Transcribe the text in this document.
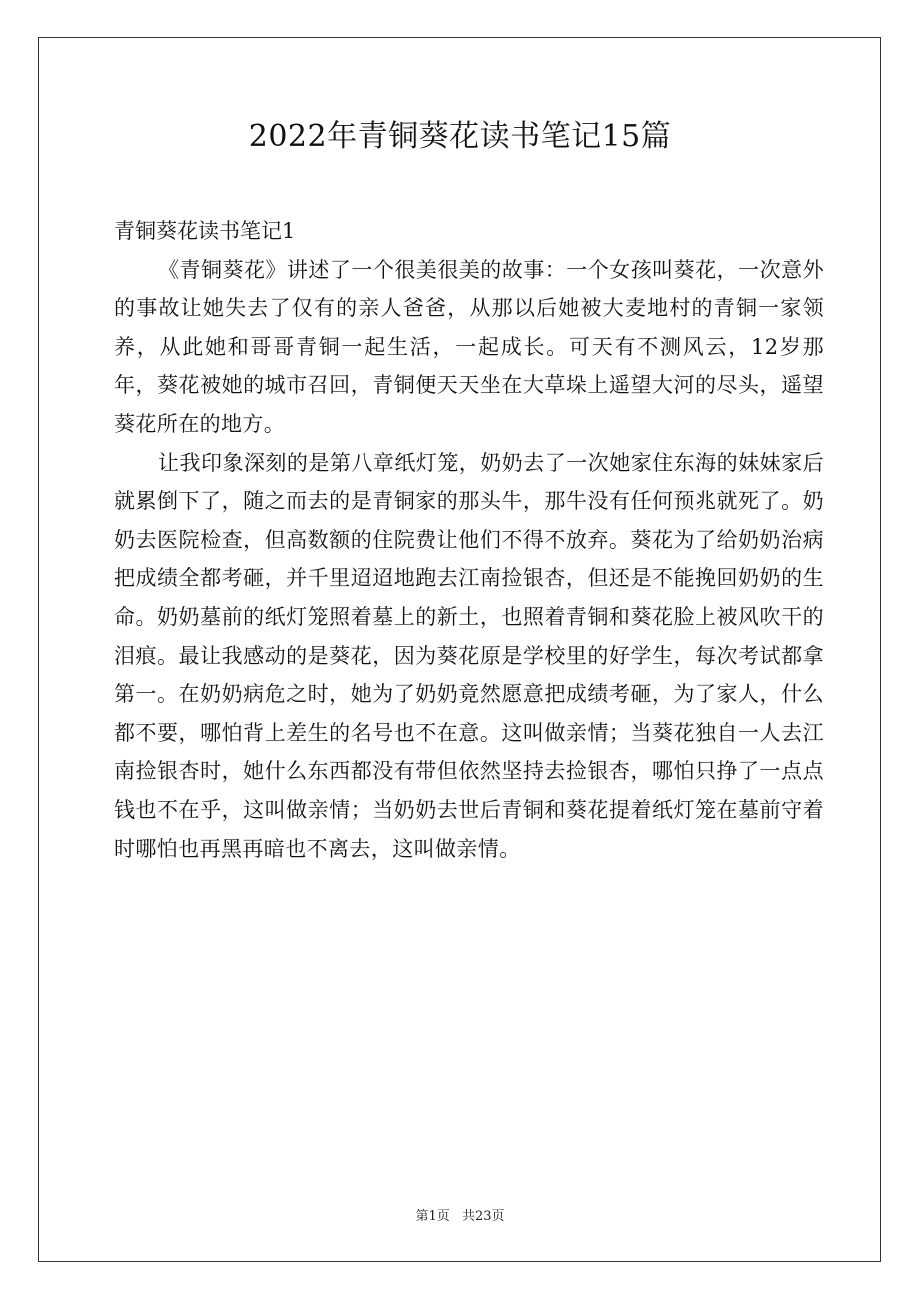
2022年青铜葵花读书笔记15篇
青铜葵花读书笔记1

《青铜葵花》讲述了一个很美很美的故事：一个女孩叫葵花，一次意外的事故让她失去了仅有的亲人爸爸，从那以后她被大麦地村的青铜一家领养，从此她和哥哥青铜一起生活，一起成长。可天有不测风云，12岁那年，葵花被她的城市召回，青铜便天天坐在大草垛上遥望大河的尽头，遥望葵花所在的地方。

让我印象深刻的是第八章纸灯笼，奶奶去了一次她家住东海的妹妹家后就累倒下了，随之而去的是青铜家的那头牛，那牛没有任何预兆就死了。奶奶去医院检查，但高数额的住院费让他们不得不放弃。葵花为了给奶奶治病把成绩全都考砸，并千里迢迢地跑去江南捡银杏，但还是不能挽回奶奶的生命。奶奶墓前的纸灯笼照着墓上的新土，也照着青铜和葵花脸上被风吹干的泪痕。最让我感动的是葵花，因为葵花原是学校里的好学生，每次考试都拿第一。在奶奶病危之时，她为了奶奶竟然愿意把成绩考砸，为了家人，什么都不要，哪怕背上差生的名号也不在意。这叫做亲情；当葵花独自一人去江南捡银杏时，她什么东西都没有带但依然坚持去捡银杏，哪怕只挣了一点点钱也不在乎，这叫做亲情；当奶奶去世后青铜和葵花提着纸灯笼在墓前守着时哪怕也再黑再暗也不离去，这叫做亲情。

第1页 共23页
